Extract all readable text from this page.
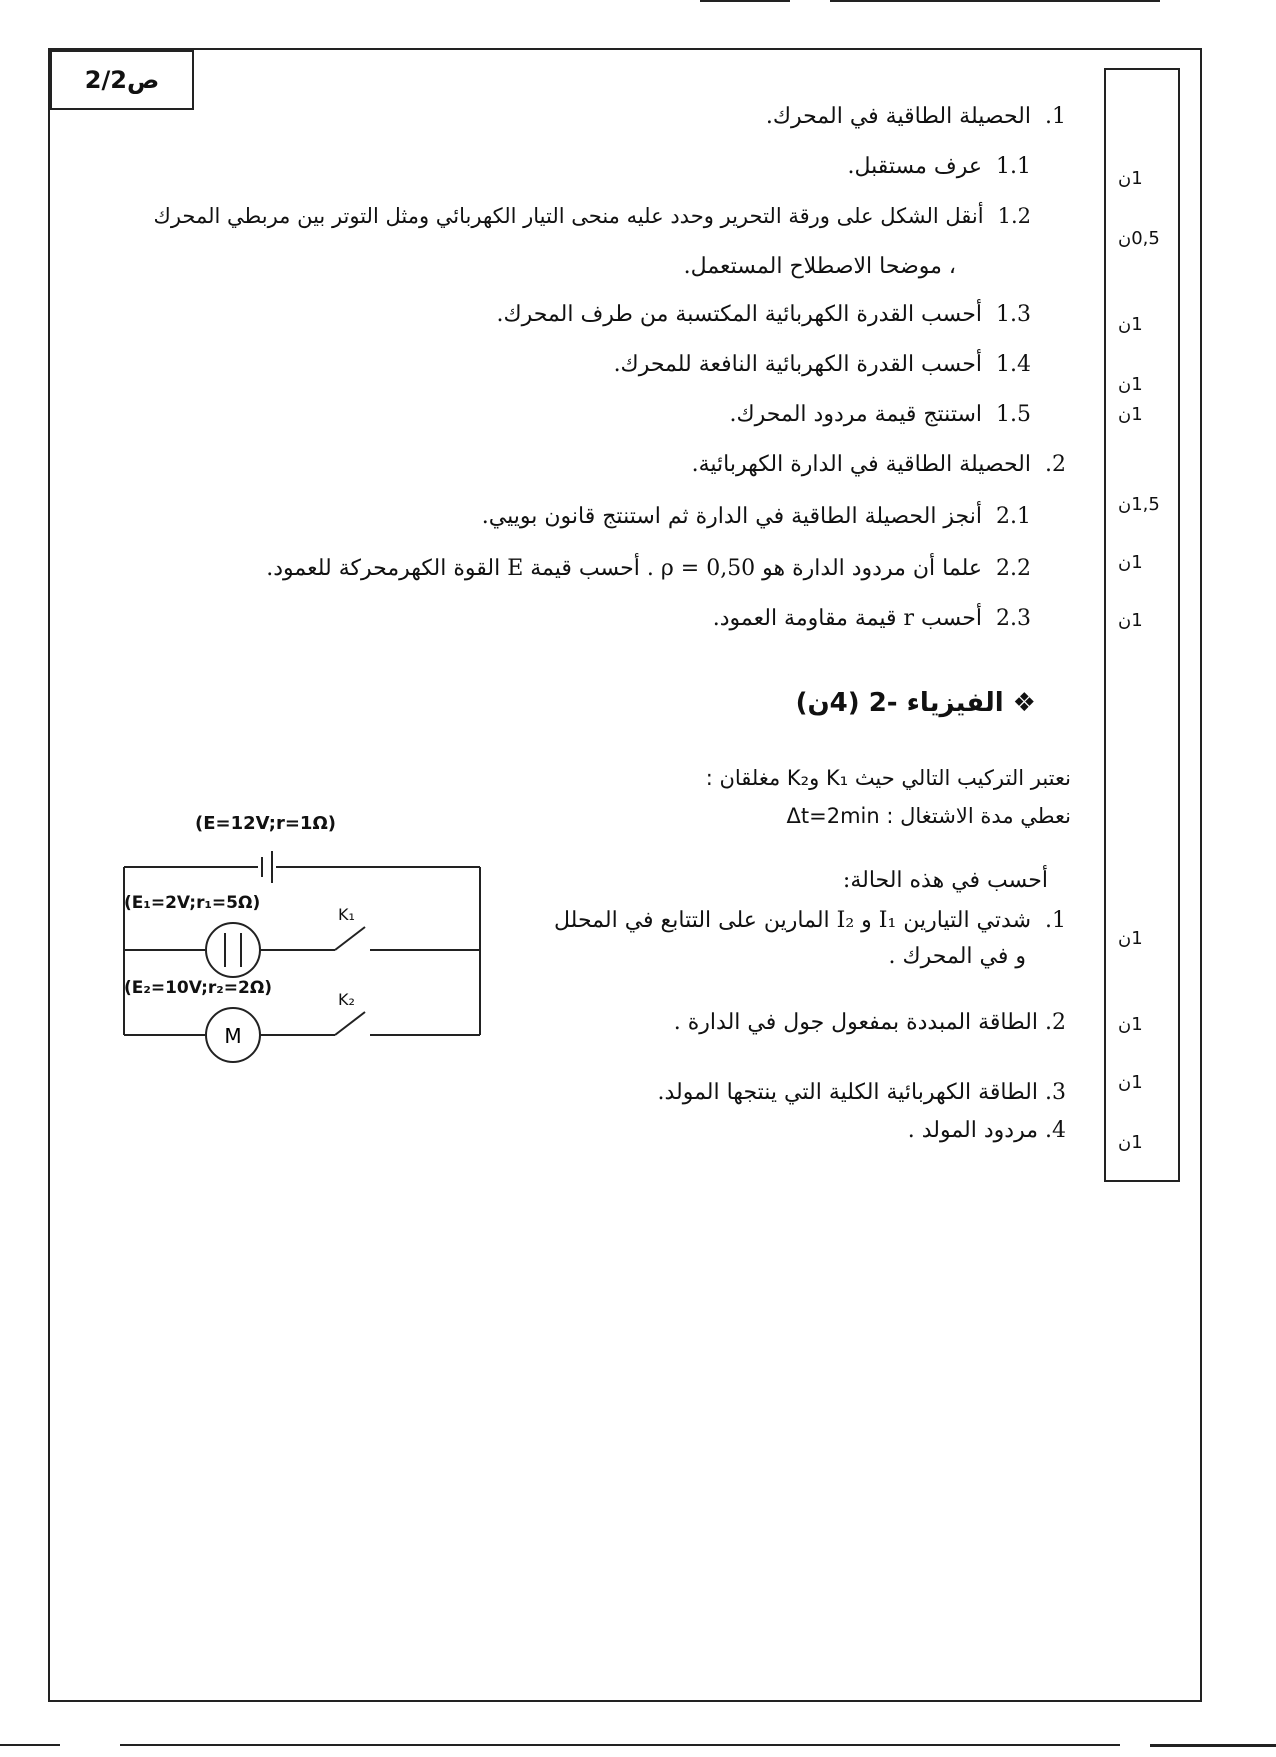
ص2/2
1ن
0,5ن
1ن
1ن
1ن
1,5ن
1ن
1ن
1ن
1ن
1ن
1ن
1.الحصيلة الطاقية في المحرك.
1.1عرف مستقبل.
1.2أنقل الشكل على ورقة التحرير وحدد عليه منحى التيار الكهربائي ومثل التوتر بين مربطي المحرك
، موضحا الاصطلاح المستعمل.
1.3أحسب القدرة الكهربائية المكتسبة من طرف المحرك.
1.4أحسب القدرة الكهربائية النافعة للمحرك.
1.5استنتج قيمة مردود المحرك.
2.الحصيلة الطاقية في الدارة الكهربائية.
2.1أنجز الحصيلة الطاقية في الدارة ثم استنتج قانون بوييي.
2.2علما أن مردود الدارة هو ρ = 0,50 . أحسب قيمة E القوة الكهرمحركة للعمود.
2.3أحسب r قيمة مقاومة العمود.
❖ الفيزياء -2 (4ن)
نعتبر التركيب التالي حيث K₁ وK₂ مغلقان :
نعطي مدة الاشتغال : Δt=2min
أحسب في هذه الحالة:
1.شدتي التيارين I₁ و I₂ المارين على التتابع في المحلل
و في المحرك .
2. الطاقة المبددة بمفعول جول في الدارة .
3. الطاقة الكهربائية الكلية التي ينتجها المولد.
4. مردود المولد .
M
(E=12V;r=1Ω)
(E₁=2V;r₁=5Ω)
(E₂=10V;r₂=2Ω)
K₁
K₂
